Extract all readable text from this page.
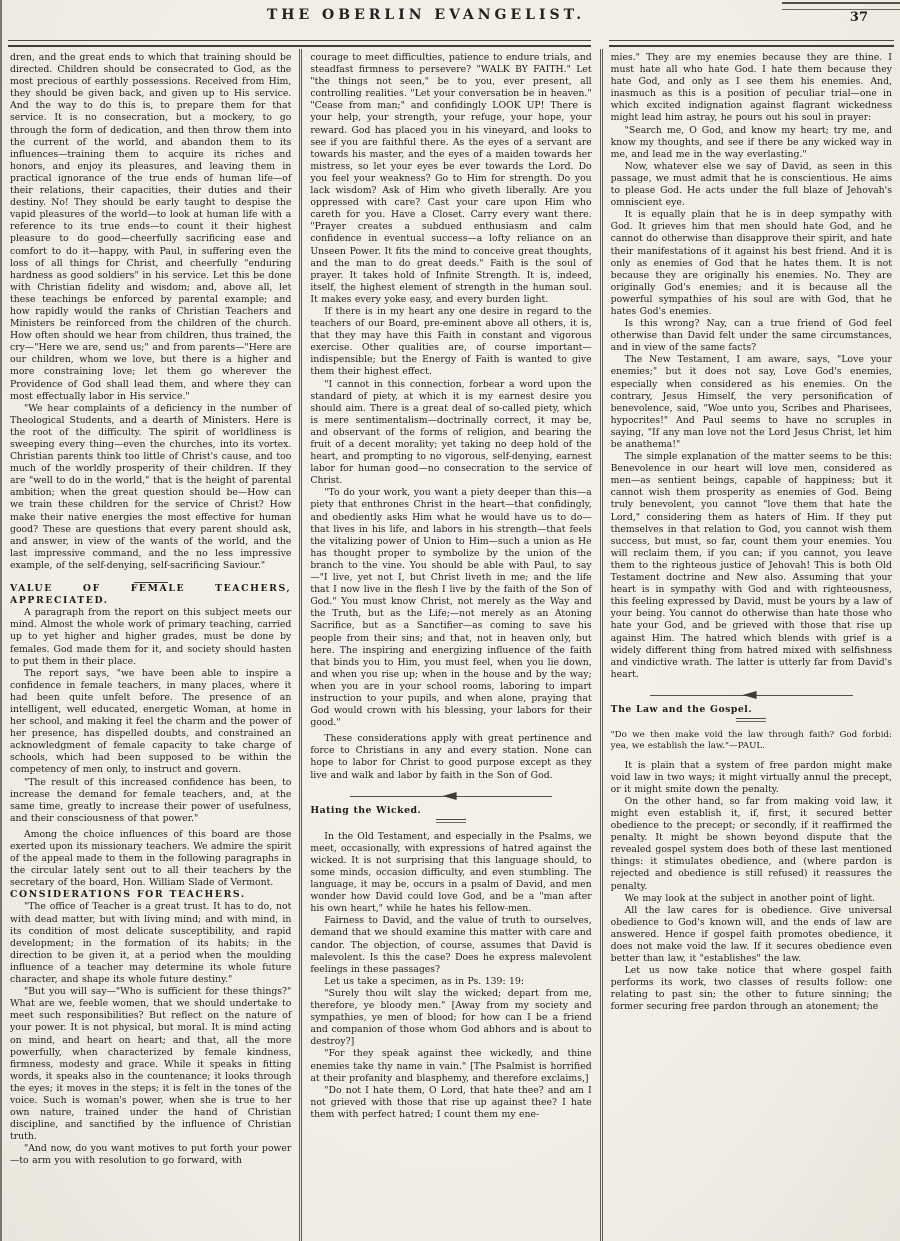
THE OBERLIN EVANGELIST.	37

dren, and the great ends to which that training should be directed. Children should be consecrated to God, as the most precious of earthly possessions. Received from Him, they should be given back, and given up to His service. And the way to do this is, to prepare them for that service. It is no consecration, but a mockery, to go through the form of dedication, and then throw them into the current of the world, and abandon them to its influences—training them to acquire its riches and honors, and enjoy its pleasures, and leaving them in practical ignorance of the true ends of human life—of their relations, their capacities, their duties and their destiny. No! They should be early taught to despise the vapid pleasures of the world—to look at human life with a reference to its true ends—to count it their highest pleasure to do good—cheerfully sacrificing ease and comfort to do it—happy, with Paul, in suffering even the loss of all things for Christ, and cheerfully "enduring hardness as good soldiers" in his service. Let this be done with Christian fidelity and wisdom; and, above all, let these teachings be enforced by parental example; and how rapidly would the ranks of Christian Teachers and Ministers be reinforced from the children of the church. How often should we hear from children, thus trained, the cry—"Here we are, send us;" and from parents—"Here are our children, whom we love, but there is a higher and more constraining love; let them go wherever the Providence of God shall lead them, and where they can most effectually labor in His service."

"We hear complaints of a deficiency in the number of Theological Students, and a dearth of Ministers. Here is the root of the difficulty. The spirit of worldliness is sweeping every thing—even the churches, into its vortex. Christian parents think too little of Christ's cause, and too much of the worldly prosperity of their children. If they are "well to do in the world," that is the height of parental ambition; when the great question should be—How can we train these children for the service of Christ? How make their native energies the most effective for human good? These are questions that every parent should ask, and answer, in view of the wants of the world, and the last impressive command, and the no less impressive example, of the self-denying, self-sacrificing Saviour."

VALUE OF FEMALE TEACHERS, APPRECIATED.

A paragraph from the report on this subject meets our mind. Almost the whole work of primary teaching, carried up to yet higher and higher grades, must be done by females. God made them for it, and society should hasten to put them in their place.

The report says, "we have been able to inspire a confidence in female teachers, in many places, where it had been quite unfelt before. The presence of an intelligent, well educated, energetic Woman, at home in her school, and making it feel the charm and the power of her presence, has dispelled doubts, and constrained an acknowledgment of female capacity to take charge of schools, which had been supposed to be within the competency of men only, to instruct and govern.

"The result of this increased confidence has been, to increase the demand for female teachers, and, at the same time, greatly to increase their power of usefulness, and their consciousness of that power."

Among the choice influences of this board are those exerted upon its missionary teachers. We admire the spirit of the appeal made to them in the following paragraphs in the circular lately sent out to all their teachers by the secretary of the board, Hon. William Slade of Vermont.

CONSIDERATIONS FOR TEACHERS.

"The office of Teacher is a great trust. It has to do, not with dead matter, but with living mind; and with mind, in its condition of most delicate susceptibility, and rapid development; in the formation of its habits; in the direction to be given it, at a period when the moulding influence of a teacher may determine its whole future character, and shape its whole future destiny."

"But you will say—"Who is sufficient for these things?" What are we, feeble women, that we should undertake to meet such responsibilities? But reflect on the nature of your power. It is not physical, but moral. It is mind acting on mind, and heart on heart; and that, all the more powerfully, when characterized by female kindness, firmness, modesty and grace. While it speaks in fitting words, it speaks also in the countenance; it looks through the eyes; it moves in the steps; it is felt in the tones of the voice. Such is woman's power, when she is true to her own nature, trained under the hand of Christian discipline, and sanctified by the influence of Christian truth.

"And now, do you want motives to put forth your power—to arm you with resolution to go forward, with

courage to meet difficulties, patience to endure trials, and steadfast firmness to persevere? "WALK BY FAITH." Let "the things not seen," be to you, ever present, all controlling realities. "Let your conversation be in heaven." "Cease from man;" and confidingly LOOK UP! There is your help, your strength, your refuge, your hope, your reward. God has placed you in his vineyard, and looks to see if you are faithful there. As the eyes of a servant are towards his master, and the eyes of a maiden towards her mistress, so let your eyes be ever towards the Lord. Do you feel your weakness? Go to Him for strength. Do you lack wisdom? Ask of Him who giveth liberally. Are you oppressed with care? Cast your care upon Him who careth for you. Have a Closet. Carry every want there. "Prayer creates a subdued enthusiasm and calm confidence in eventual success—a lofty reliance on an Unseen Power. It fits the mind to conceive great thoughts, and the man to do great deeds." Faith is the soul of prayer. It takes hold of Infinite Strength. It is, indeed, itself, the highest element of strength in the human soul. It makes every yoke easy, and every burden light.

If there is in my heart any one desire in regard to the teachers of our Board, pre-eminent above all others, it is, that they may have this Faith in constant and vigorous exercise. Other qualities are, of course important—indispensible; but the Energy of Faith is wanted to give them their highest effect.

"I cannot in this connection, forbear a word upon the standard of piety, at which it is my earnest desire you should aim. There is a great deal of so-called piety, which is mere sentimentalism—doctrinally correct, it may be, and observant of the forms of religion, and bearing the fruit of a decent morality; yet taking no deep hold of the heart, and prompting to no vigorous, self-denying, earnest labor for human good—no consecration to the service of Christ.

"To do your work, you want a piety deeper than this—a piety that enthrones Christ in the heart—that confidingly, and obediently asks Him what he would have us to do—that lives in his life, and labors in his strength—that feels the vitalizing power of Union to Him—such a union as He has thought proper to symbolize by the union of the branch to the vine. You should be able with Paul, to say—"I live, yet not I, but Christ liveth in me; and the life that I now live in the flesh I live by the faith of the Son of God." You must know Christ, not merely as the Way and the Truth, but as the Life;—not merely as an Atoning Sacrifice, but as a Sanctifier—as coming to save his people from their sins; and that, not in heaven only, but here. The inspiring and energizing influence of the faith that binds you to Him, you must feel, when you lie down, and when you rise up; when in the house and by the way; when you are in your school rooms, laboring to impart instruction to your pupils, and when alone, praying that God would crown with his blessing, your labors for their good."

These considerations apply with great pertinence and force to Christians in any and every station. None can hope to labor for Christ to good purpose except as they live and walk and labor by faith in the Son of God.

Hating the Wicked.

In the Old Testament, and especially in the Psalms, we meet, occasionally, with expressions of hatred against the wicked. It is not surprising that this language should, to some minds, occasion difficulty, and even stumbling. The language, it may be, occurs in a psalm of David, and men wonder how David could love God, and be a "man after his own heart," while he hates his fellow-men.

Fairness to David, and the value of truth to ourselves, demand that we should examine this matter with care and candor. The objection, of course, assumes that David is malevolent. Is this the case? Does he express malevolent feelings in these passages?

Let us take a specimen, as in Ps. 139: 19:

"Surely thou wilt slay the wicked; depart from me, therefore, ye bloody men." [Away from my society and sympathies, ye men of blood; for how can I be a friend and companion of those whom God abhors and is about to destroy?]

"For they speak against thee wickedly, and thine enemies take thy name in vain." [The Psalmist is horrified at their profanity and blasphemy, and therefore exclaims,]

"Do not I hate them, O Lord, that hate thee? and am I not grieved with those that rise up against thee? I hate them with perfect hatred; I count them my ene-

mies." They are my enemies because they are thine. I must hate all who hate God. I hate them because they hate God, and only as I see them his enemies. And, inasmuch as this is a position of peculiar trial—one in which excited indignation against flagrant wickedness might lead him astray, he pours out his soul in prayer:

"Search me, O God, and know my heart; try me, and know my thoughts, and see if there be any wicked way in me, and lead me in the way everlasting."

Now, whatever else we say of David, as seen in this passage, we must admit that he is conscientious. He aims to please God. He acts under the full blaze of Jehovah's omniscient eye.

It is equally plain that he is in deep sympathy with God. It grieves him that men should hate God, and he cannot do otherwise than disapprove their spirit, and hate their manifestations of it against his best friend. And it is only as enemies of God that he hates them. It is not because they are originally his enemies. No. They are originally God's enemies; and it is because all the powerful sympathies of his soul are with God, that he hates God's enemies.

Is this wrong? Nay, can a true friend of God feel otherwise than David felt under the same circumstances, and in view of the same facts?

The New Testament, I am aware, says, "Love your enemies;" but it does not say, Love God's enemies, especially when considered as his enemies. On the contrary, Jesus Himself, the very personification of benevolence, said, "Woe unto you, Scribes and Pharisees, hypocrites!" And Paul seems to have no scruples in saying, "If any man love not the Lord Jesus Christ, let him be anathema!"

The simple explanation of the matter seems to be this: Benevolence in our heart will love men, considered as men—as sentient beings, capable of happiness; but it cannot wish them prosperity as enemies of God. Being truly benevolent, you cannot "love them that hate the Lord," considering them as haters of Him. If they put themselves in that relation to God, you cannot wish them success, but must, so far, count them your enemies. You will reclaim them, if you can; if you cannot, you leave them to the righteous justice of Jehovah! This is both Old Testament doctrine and New also. Assuming that your heart is in sympathy with God and with righteousness, this feeling expressed by David, must be yours by a law of your being. You cannot do otherwise than hate those who hate your God, and be grieved with those that rise up against Him. The hatred which blends with grief is a widely different thing from hatred mixed with selfishness and vindictive wrath. The latter is utterly far from David's heart.

The Law and the Gospel.

"Do we then make void the law through faith? God forbid: yea, we establish the law."—PAUL.

It is plain that a system of free pardon might make void law in two ways; it might virtually annul the precept, or it might smite down the penalty.

On the other hand, so far from making void law, it might even establish it, if, first, it secured better obedience to the precept; or secondly, if it reaffirmed the penalty. It might be shown beyond dispute that the revealed gospel system does both of these last mentioned things: it stimulates obedience, and (where pardon is rejected and obedience is still refused) it reassures the penalty.

We may look at the subject in another point of light.

All the law cares for is obedience. Give universal obedience to God's known will, and the ends of law are answered. Hence if gospel faith promotes obedience, it does not make void the law. If it secures obedience even better than law, it "establishes" the law.

Let us now take notice that where gospel faith performs its work, two classes of results follow: one relating to past sin; the other to future sinning; the former securing free pardon through an atonement; the
